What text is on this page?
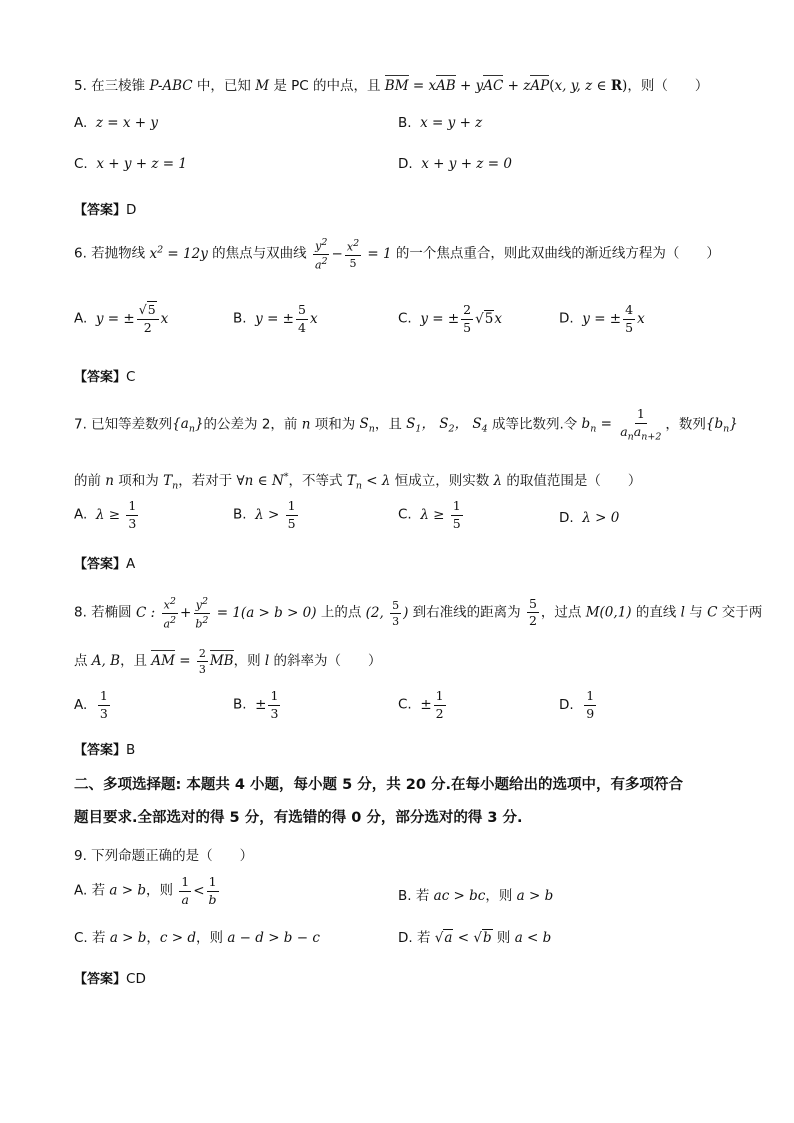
5. 在三棱锥 P-ABC 中，已知 M 是 PC 的中点，且 BM = xAB + yAC + zAP(x, y, z ∈ R)，则（　　）
A. z = x + y	B. x = y + z
C. x + y + z = 1	D. x + y + z = 0
【答案】D
6. 若抛物线 $x^2 = 12y$ 的焦点与双曲线 $\frac{y^2}{a^2} - \frac{x^2}{5} = 1$ 的一个焦点重合，则此双曲线的渐近线方程为（　　）
A. y = ± $\frac{√5}{2}$ x	B. y = ± $\frac{5}{4}$ x	C. y = ± $\frac{2}{5} √5x$	D. y = ± $\frac{4}{5}$ x
【答案】C
7. 已知等差数列$\{a_n\}$的公差为 2，前 n 项和为 $S_n$，且 $S_1$， $S_2$， $S_4$ 成等比数列.令 $b_n = \frac{1}{a_na_{n+2}}$ ，数列$\{b_n\}$
的前 n 项和为 $T_n$，若对于 ∀n ∈ N*，不等式 $T_n < \lambda$ 恒成立，则实数 λ 的取值范围是（　　）
A. $\lambda \ge \frac{1}{3}$	B. $\lambda > \frac{1}{5}$	C. $\lambda \ge \frac{1}{5}$	D. λ > 0
【答案】A
8. 若椭圆 C : $\frac{x^2}{a^2} + \frac{y^2}{b^2} = 1(a > b > 0)$ 上的点 (2, $\frac{5}{3}$ ) 到右准线的距离为 $\frac{5}{2}$ ，过点 M(0,1) 的直线 l 与 C 交于两
点 A, B，且 AM = $\frac{2}{3}$ MB，则 l 的斜率为（　　）
A. $\frac{1}{3}$	B. ± $\frac{1}{3}$	C. ± $\frac{1}{2}$	D. $\frac{1}{9}$
【答案】B
二、多项选择题: 本题共 4 小题，每小题 5 分，共 20 分.在每小题给出的选项中，有多项符合
题目要求.全部选对的得 5 分，有选错的得 0 分，部分选对的得 3 分.
9. 下列命题正确的是（　　）
A. 若 a > b，则 $\frac{1}{a} < \frac{1}{b}$	B. 若 ac > bc，则 a > b
C. 若 a > b，c > d，则 a − d > b − c	D. 若 √a < √b 则 a < b
【答案】CD
